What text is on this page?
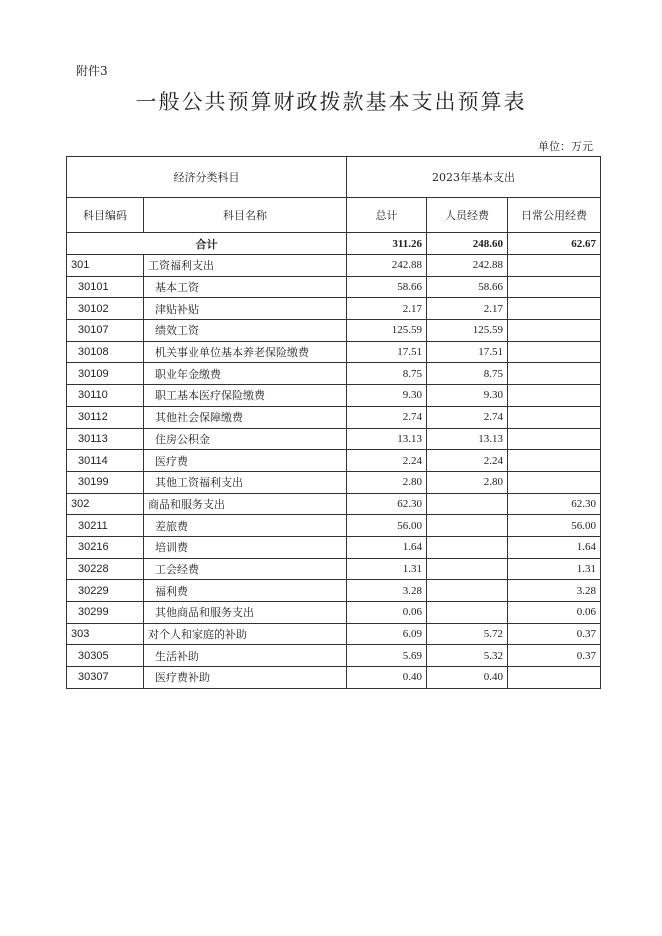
附件3
一般公共预算财政拨款基本支出预算表
单位：万元
经济分类科目		2023年基本支出		
科目编码	科目名称	总计	人员经费	日常公用经费
合计		311.26	248.60	62.67
301	工资福利支出	242.88	242.88	
30101	基本工资	58.66	58.66	
30102	津贴补贴	2.17	2.17	
30107	绩效工资	125.59	125.59	
30108	机关事业单位基本养老保险缴费	17.51	17.51	
30109	职业年金缴费	8.75	8.75	
30110	职工基本医疗保险缴费	9.30	9.30	
30112	其他社会保障缴费	2.74	2.74	
30113	住房公积金	13.13	13.13	
30114	医疗费	2.24	2.24	
30199	其他工资福利支出	2.80	2.80	
302	商品和服务支出	62.30		62.30
30211	差旅费	56.00		56.00
30216	培训费	1.64		1.64
30228	工会经费	1.31		1.31
30229	福利费	3.28		3.28
30299	其他商品和服务支出	0.06		0.06
303	对个人和家庭的补助	6.09	5.72	0.37
30305	生活补助	5.69	5.32	0.37
30307	医疗费补助	0.40	0.40	
